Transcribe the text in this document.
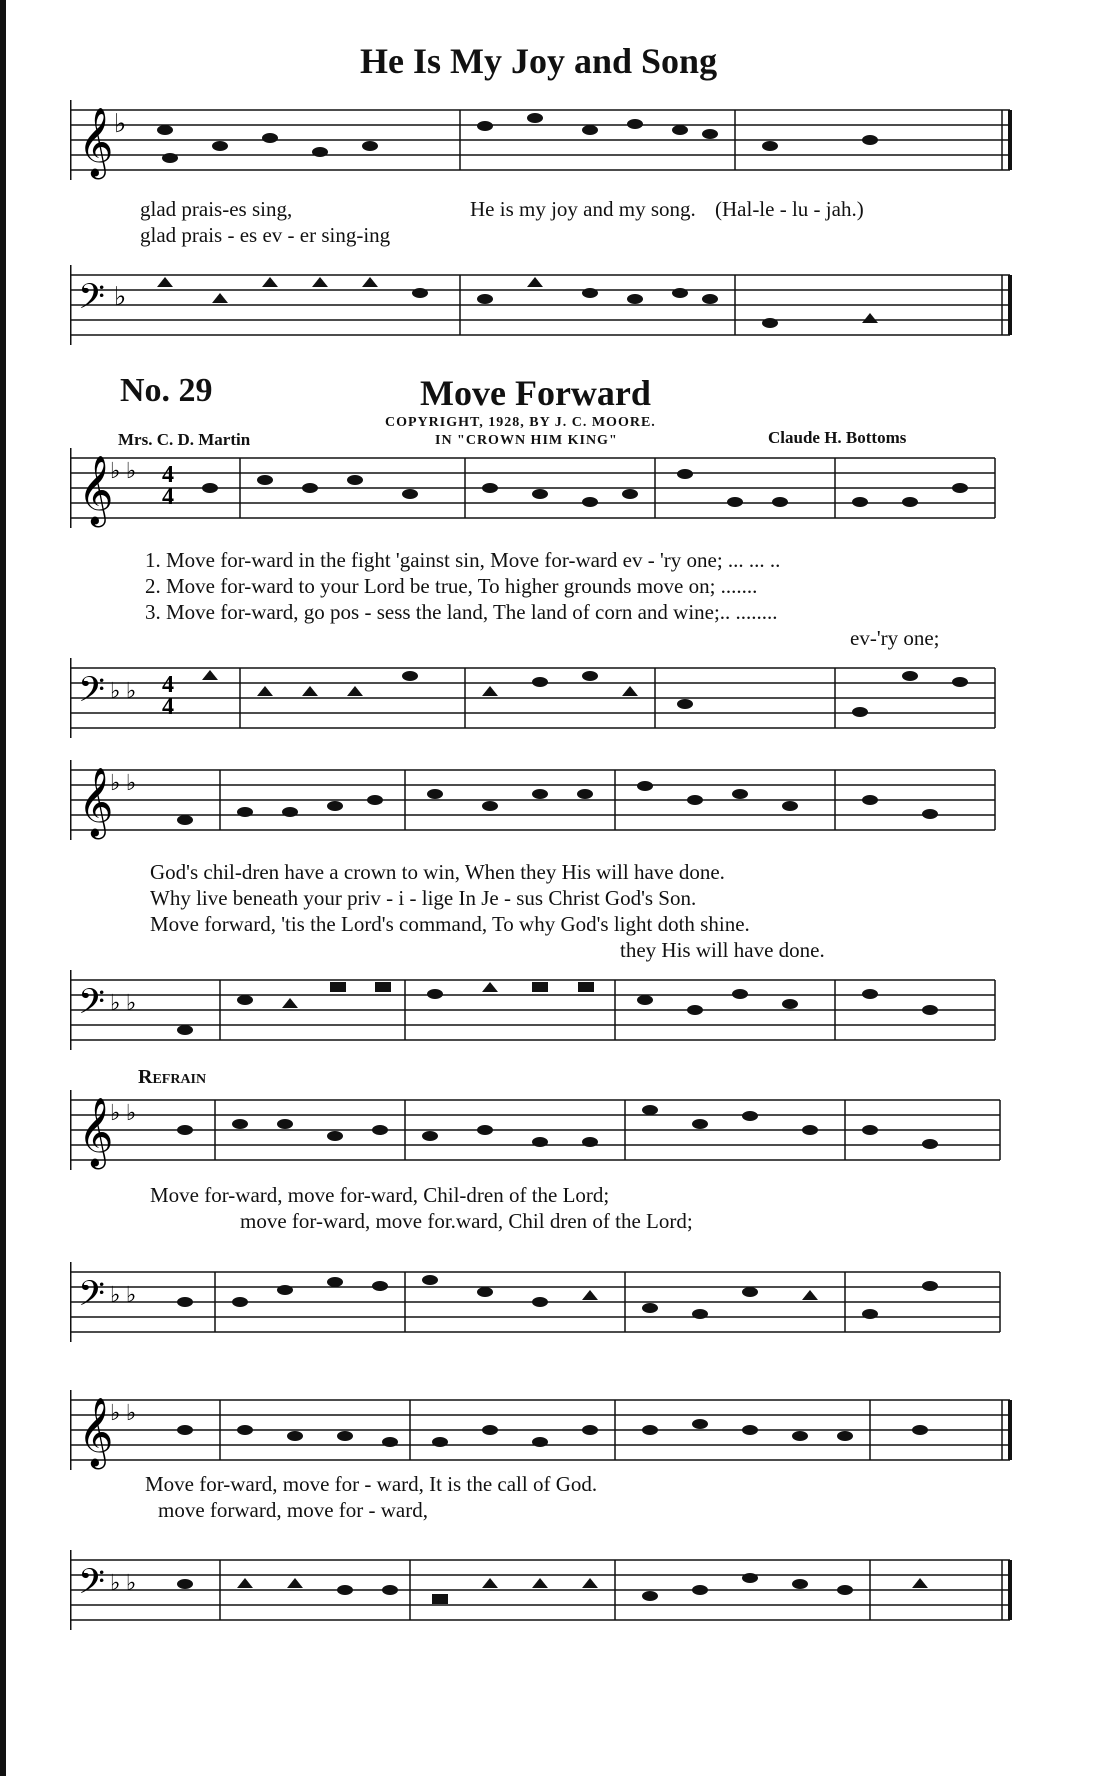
He Is My Joy and Song
𝄞 ♭
glad prais-es sing,	He is my joy and my song. (Hal-le - lu - jah.)
glad prais - es ev - er sing-ing
𝄢 ♭
No. 29	Move Forward
COPYRIGHT, 1928, BY J. C. MOORE.
IN "CROWN HIM KING"
Mrs. C. D. Martin	Claude H. Bottoms
𝄞
♭ ♭ 4
4
1. Move for-ward in the fight 'gainst sin, Move for-ward ev - 'ry one; ... ... ..
2. Move for-ward to your Lord be true, To higher grounds move on; .......
3. Move for-ward, go pos - sess the land, The land of corn and wine;.. ........
ev-'ry one;
𝄢 ♭ ♭ 4
4
𝄞
♭ ♭
God's chil-dren have a crown to win, When they His will have done.
Why live beneath your priv - i - lige In Je - sus Christ God's Son.
Move forward, 'tis the Lord's command, To why God's light doth shine.
they His will have done.
𝄢 ♭ ♭
Refrain
𝄞
♭ ♭
Move for-ward, move for-ward, Chil-dren of the Lord;
move for-ward, move for.ward, Chil dren of the Lord;
𝄢 ♭ ♭
𝄞
♭ ♭
Move for-ward, move for - ward, It is the call of God.
move forward, move for - ward,
𝄢 ♭ ♭
